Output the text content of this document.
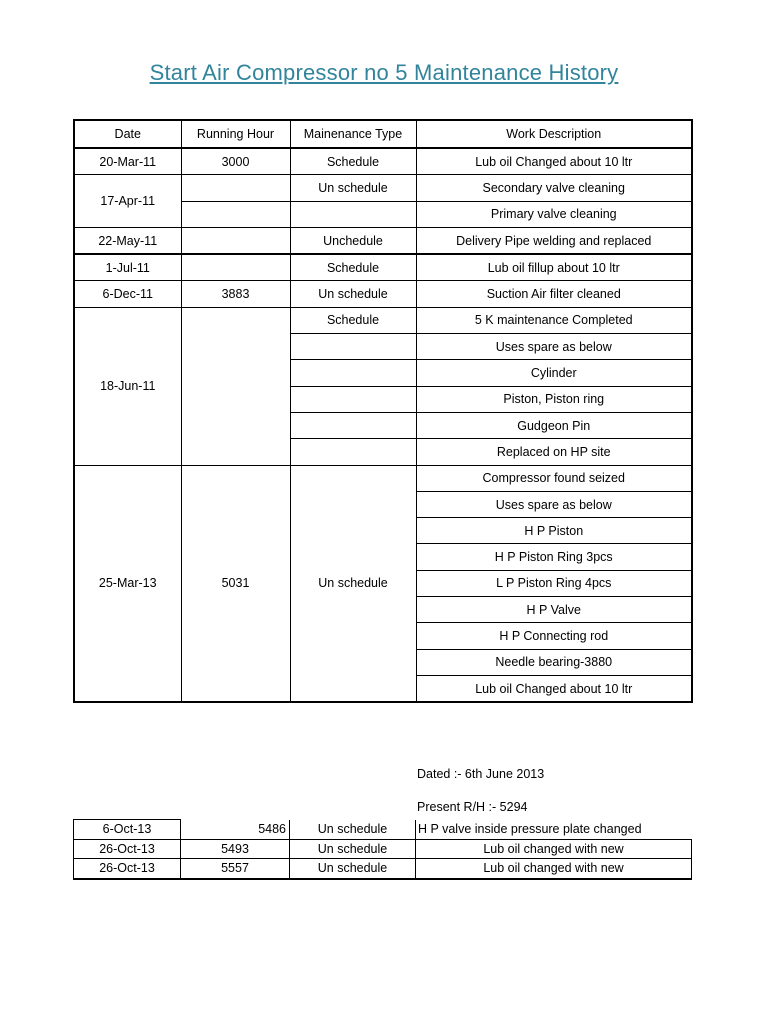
Start Air Compressor no 5 Maintenance History
Date	Running Hour	Mainenance Type	Work Description
20-Mar-11	3000	Schedule	Lub oil Changed about 10 ltr
17-Apr-11		Un schedule	Secondary valve cleaning
			Primary valve cleaning
22-May-11		Unchedule	Delivery Pipe welding and replaced
1-Jul-11		Schedule	Lub oil fillup about 10 ltr
6-Dec-11	3883	Un schedule	Suction Air filter cleaned
18-Jun-11		Schedule	5 K maintenance Completed
			Uses spare as below
			Cylinder
			Piston, Piston ring
			Gudgeon Pin
			Replaced on HP site
25-Mar-13	5031	Un schedule	Compressor found seized
			Uses spare as below
			H P Piston
			H P Piston Ring 3pcs
			L P Piston Ring 4pcs
			H P Valve
			H P Connecting rod
			Needle bearing-3880
			Lub oil Changed about 10 ltr
Dated :- 6th June 2013
Present R/H :- 5294
6-Oct-13	5486	Un schedule	H P valve inside pressure plate changed
26-Oct-13	5493	Un schedule	Lub oil changed with new
26-Oct-13	5557	Un schedule	Lub oil changed with new
